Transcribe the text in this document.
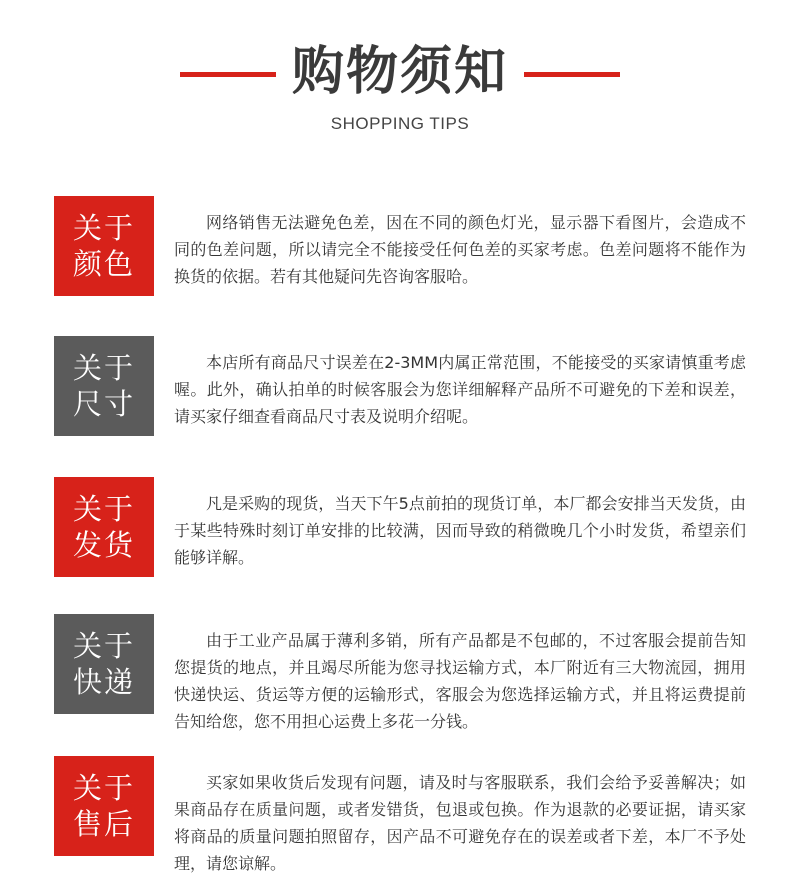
购物须知
SHOPPING TIPS
关于
颜色

网络销售无法避免色差，因在不同的颜色灯光，显示器下看图片，会造成不同的色差问题，所以请完全不能接受任何色差的买家考虑。色差问题将不能作为换货的依据。若有其他疑问先咨询客服哈。

关于
尺寸

本店所有商品尺寸误差在2-3MM内属正常范围，不能接受的买家请慎重考虑喔。此外，确认拍单的时候客服会为您详细解释产品所不可避免的下差和误差，请买家仔细查看商品尺寸表及说明介绍呢。

关于
发货

凡是采购的现货，当天下午5点前拍的现货订单，本厂都会安排当天发货，由于某些特殊时刻订单安排的比较满，因而导致的稍微晚几个小时发货，希望亲们能够详解。

关于
快递

由于工业产品属于薄利多销，所有产品都是不包邮的，不过客服会提前告知您提货的地点，并且竭尽所能为您寻找运输方式，本厂附近有三大物流园，拥用快递快运、货运等方便的运输形式，客服会为您选择运输方式，并且将运费提前告知给您，您不用担心运费上多花一分钱。

关于
售后

买家如果收货后发现有问题，请及时与客服联系，我们会给予妥善解决；如果商品存在质量问题，或者发错货，包退或包换。作为退款的必要证据，请买家将商品的质量问题拍照留存，因产品不可避免存在的误差或者下差，本厂不予处理，请您谅解。
